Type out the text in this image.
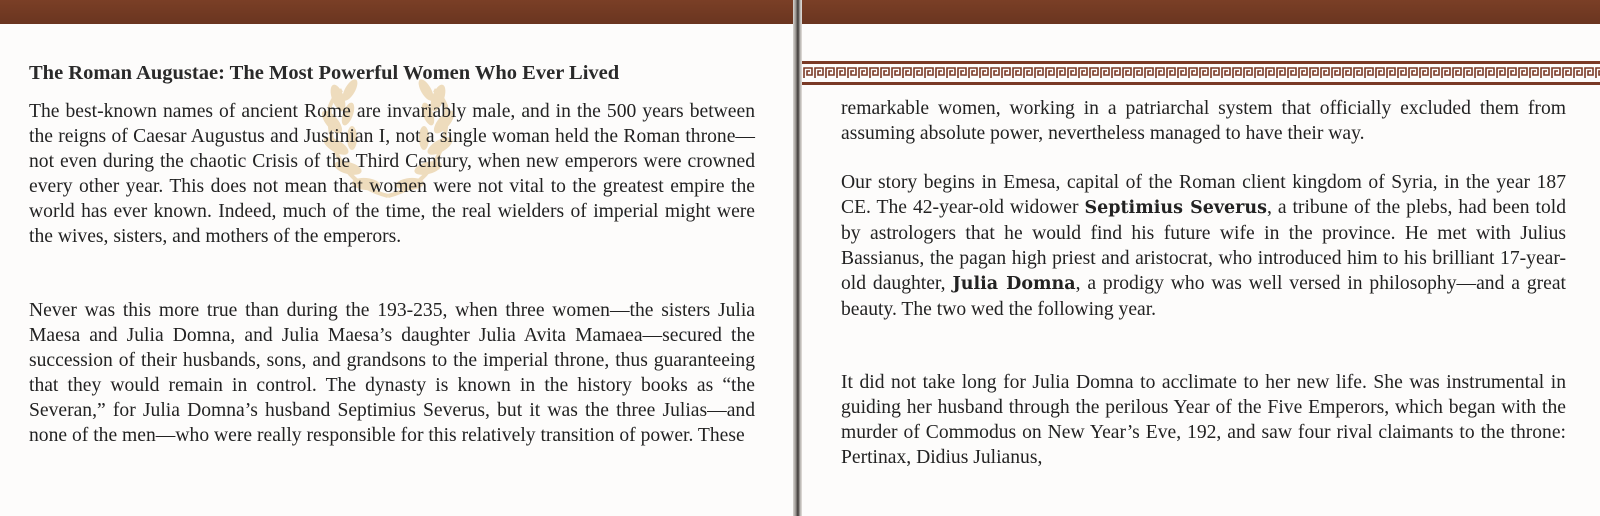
The Roman Augustae: The Most Powerful Women Who Ever Lived

The best-known names of ancient Rome are invariably male, and in the 500 years between the reigns of Caesar Augustus and Justinian I, not a single woman held the Roman throne—not even during the chaotic Crisis of the Third Century, when new emperors were crowned every other year. This does not mean that women were not vital to the greatest empire the world has ever known. Indeed, much of the time, the real wielders of imperial might were the wives, sisters, and mothers of the emperors.

Never was this more true than during the 193-235, when three women—the sisters Julia Maesa and Julia Domna, and Julia Maesa’s daughter Julia Avita Mamaea—secured the succession of their husbands, sons, and grandsons to the imperial throne, thus guaranteeing that they would remain in control. The dynasty is known in the history books as “the Severan,” for Julia Domna’s husband Septimius Severus, but it was the three Julias—and none of the men—who were really responsible for this relatively transition of power. These

remarkable women, working in a patriarchal system that officially excluded them from assuming absolute power, nevertheless managed to have their way.

Our story begins in Emesa, capital of the Roman client kingdom of Syria, in the year 187 CE. The 42-year-old widower Septimius Severus, a tribune of the plebs, had been told by astrologers that he would find his future wife in the province. He met with Julius Bassianus, the pagan high priest and aristocrat, who introduced him to his brilliant 17-year-old daughter, Julia Domna, a prodigy who was well versed in philosophy—and a great beauty. The two wed the following year.

It did not take long for Julia Domna to acclimate to her new life. She was instrumental in guiding her husband through the perilous Year of the Five Emperors, which began with the murder of Commodus on New Year’s Eve, 192, and saw four rival claimants to the throne: Pertinax, Didius Julianus,
